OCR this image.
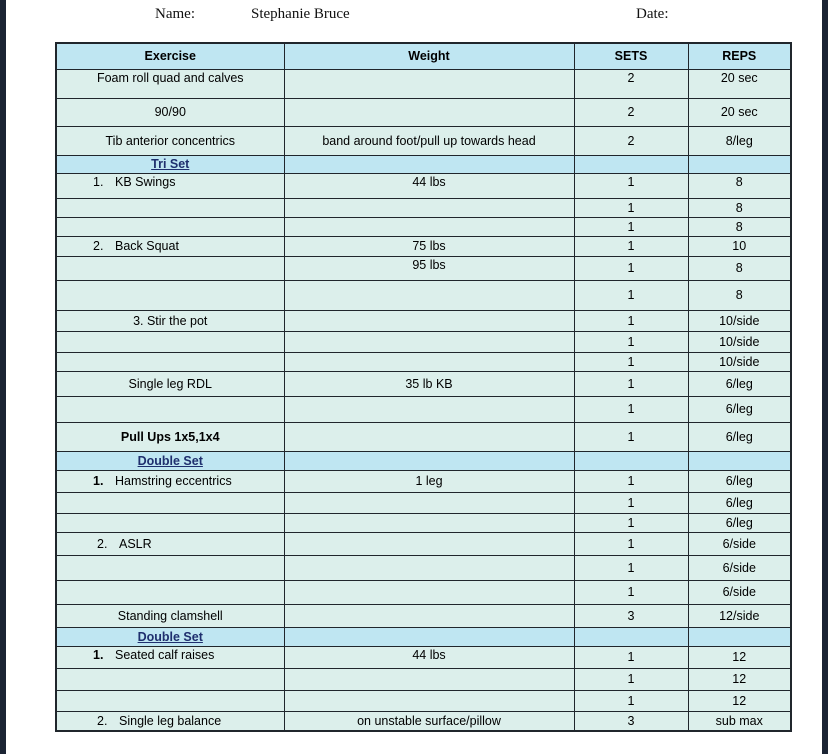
Name:	Stephanie Bruce	Date:
Exercise	Weight	SETS	REPS
Foam roll quad and calves		2	20 sec
90/90		2	20 sec
Tib anterior concentrics	band around foot/pull up towards head	2	8/leg
Tri Set			
1. KB Swings	44 lbs	1	8
		1	8
		1	8
2. Back Squat	75 lbs	1	10
	95 lbs	1	8
		1	8
3. Stir the pot		1	10/side
		1	10/side
		1	10/side
Single leg RDL	35 lb KB	1	6/leg
		1	6/leg
Pull Ups 1x5,1x4		1	6/leg
Double Set			
1. Hamstring eccentrics	1 leg	1	6/leg
		1	6/leg
		1	6/leg
2. ASLR		1	6/side
		1	6/side
		1	6/side
Standing clamshell		3	12/side
Double Set			
1. Seated calf raises	44 lbs	1	12
		1	12
		1	12
2. Single leg balance	on unstable surface/pillow	3	sub max
